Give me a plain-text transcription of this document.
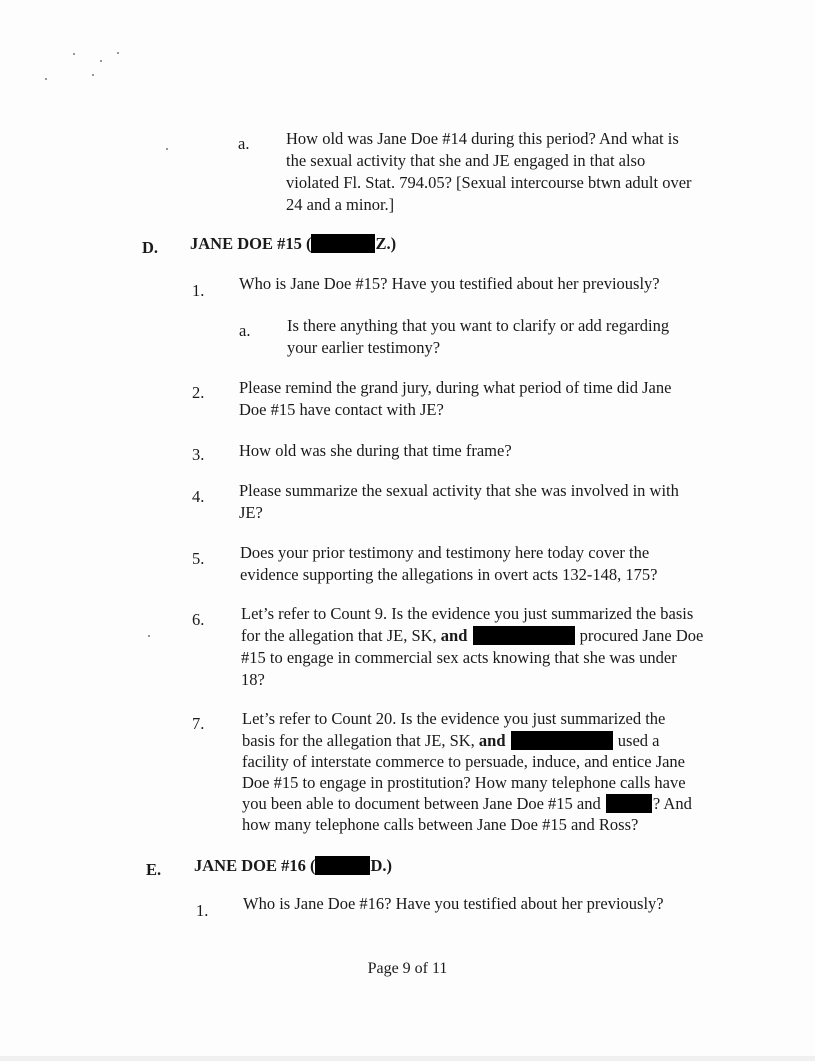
a. How old was Jane Doe #14 during this period? And what is
the sexual activity that she and JE engaged in that also
violated Fl. Stat. 794.05? [Sexual intercourse btwn adult over
24 and a minor.]
D. JANE DOE #15 (	Z.)
1. Who is Jane Doe #15? Have you testified about her previously?
a. Is there anything that you want to clarify or add regarding
your earlier testimony?
2. Please remind the grand jury, during what period of time did Jane
Doe #15 have contact with JE?
3. How old was she during that time frame?
4. Please summarize the sexual activity that she was involved in with
JE?
5. Does your prior testimony and testimony here today cover the
evidence supporting the allegations in overt acts 132-148, 175?
6. Let’s refer to Count 9. Is the evidence you just summarized the basis
for the allegation that JE, SK, and	procured Jane Doe
#15 to engage in commercial sex acts knowing that she was under
18?
7. Let’s refer to Count 20. Is the evidence you just summarized the
basis for the allegation that JE, SK, and	used a
facility of interstate commerce to persuade, induce, and entice Jane
Doe #15 to engage in prostitution? How many telephone calls have
you been able to document between Jane Doe #15 and	? And
how many telephone calls between Jane Doe #15 and Ross?
E. JANE DOE #16 (	D.)
1. Who is Jane Doe #16? Have you testified about her previously?
Page 9 of 11
